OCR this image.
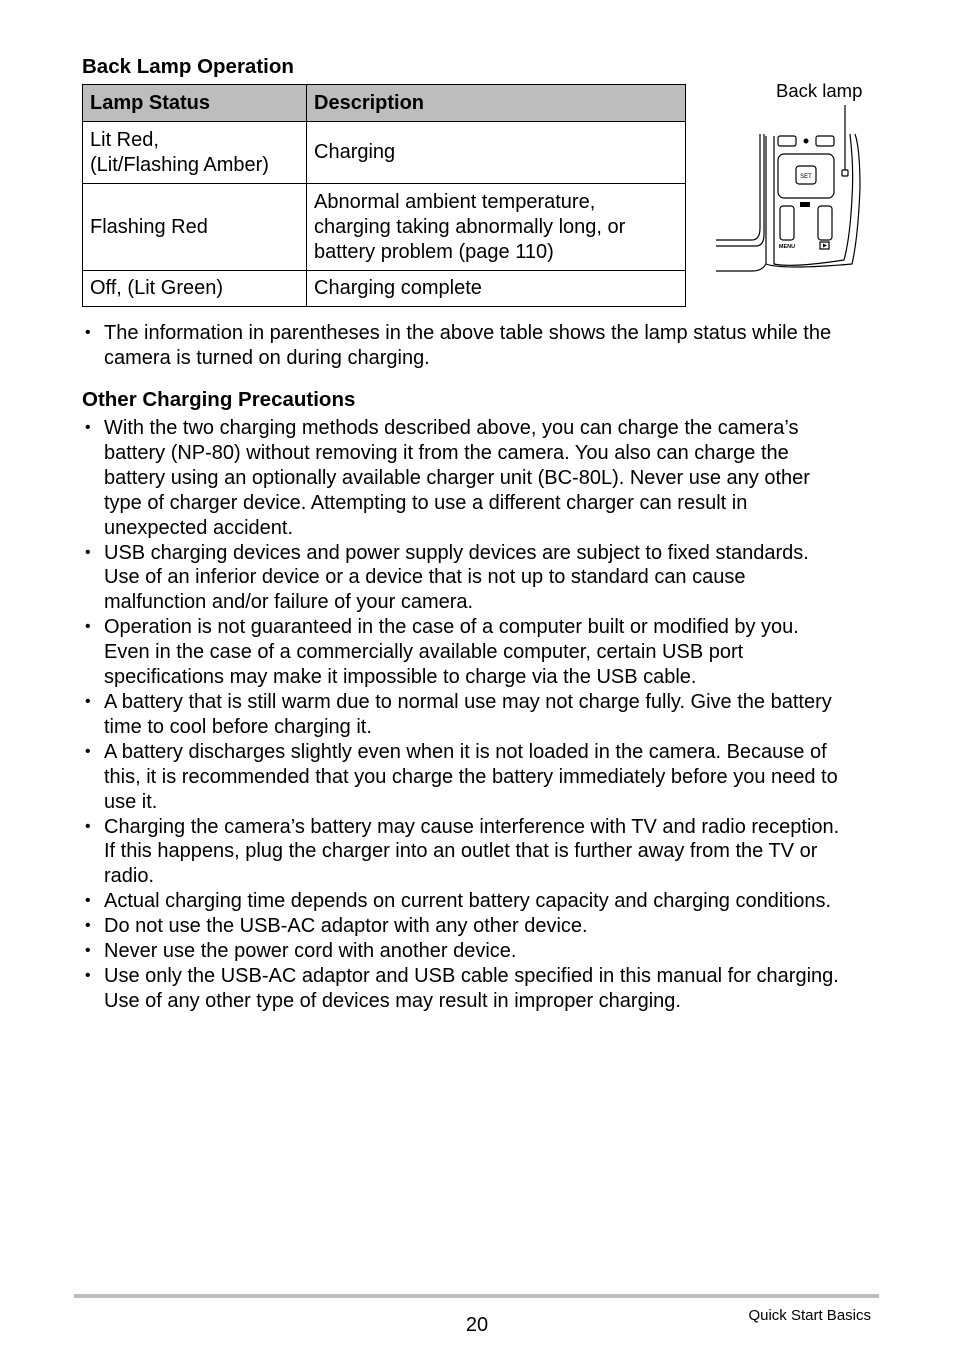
Back Lamp Operation
Lamp Status	Description

Lit Red,
(Lit/Flashing Amber)	Charging

Flashing Red	Abnormal ambient temperature,
charging taking abnormally long, or
battery problem (page 110)

Off, (Lit Green)	Charging complete
Back lamp
SET
MENU
• The information in parentheses in the above table shows the lamp status while the
camera is turned on during charging.
Other Charging Precautions
• With the two charging methods described above, you can charge the camera’s
battery (NP-80) without removing it from the camera. You also can charge the
battery using an optionally available charger unit (BC-80L). Never use any other
type of charger device. Attempting to use a different charger can result in
unexpected accident.
• USB charging devices and power supply devices are subject to fixed standards.
Use of an inferior device or a device that is not up to standard can cause
malfunction and/or failure of your camera.
• Operation is not guaranteed in the case of a computer built or modified by you.
Even in the case of a commercially available computer, certain USB port
specifications may make it impossible to charge via the USB cable.
• A battery that is still warm due to normal use may not charge fully. Give the battery
time to cool before charging it.
• A battery discharges slightly even when it is not loaded in the camera. Because of
this, it is recommended that you charge the battery immediately before you need to
use it.
• Charging the camera’s battery may cause interference with TV and radio reception.
If this happens, plug the charger into an outlet that is further away from the TV or
radio.
• Actual charging time depends on current battery capacity and charging conditions.
• Do not use the USB-AC adaptor with any other device.
• Never use the power cord with another device.
• Use only the USB-AC adaptor and USB cable specified in this manual for charging.
Use of any other type of devices may result in improper charging.
20	Quick Start Basics
